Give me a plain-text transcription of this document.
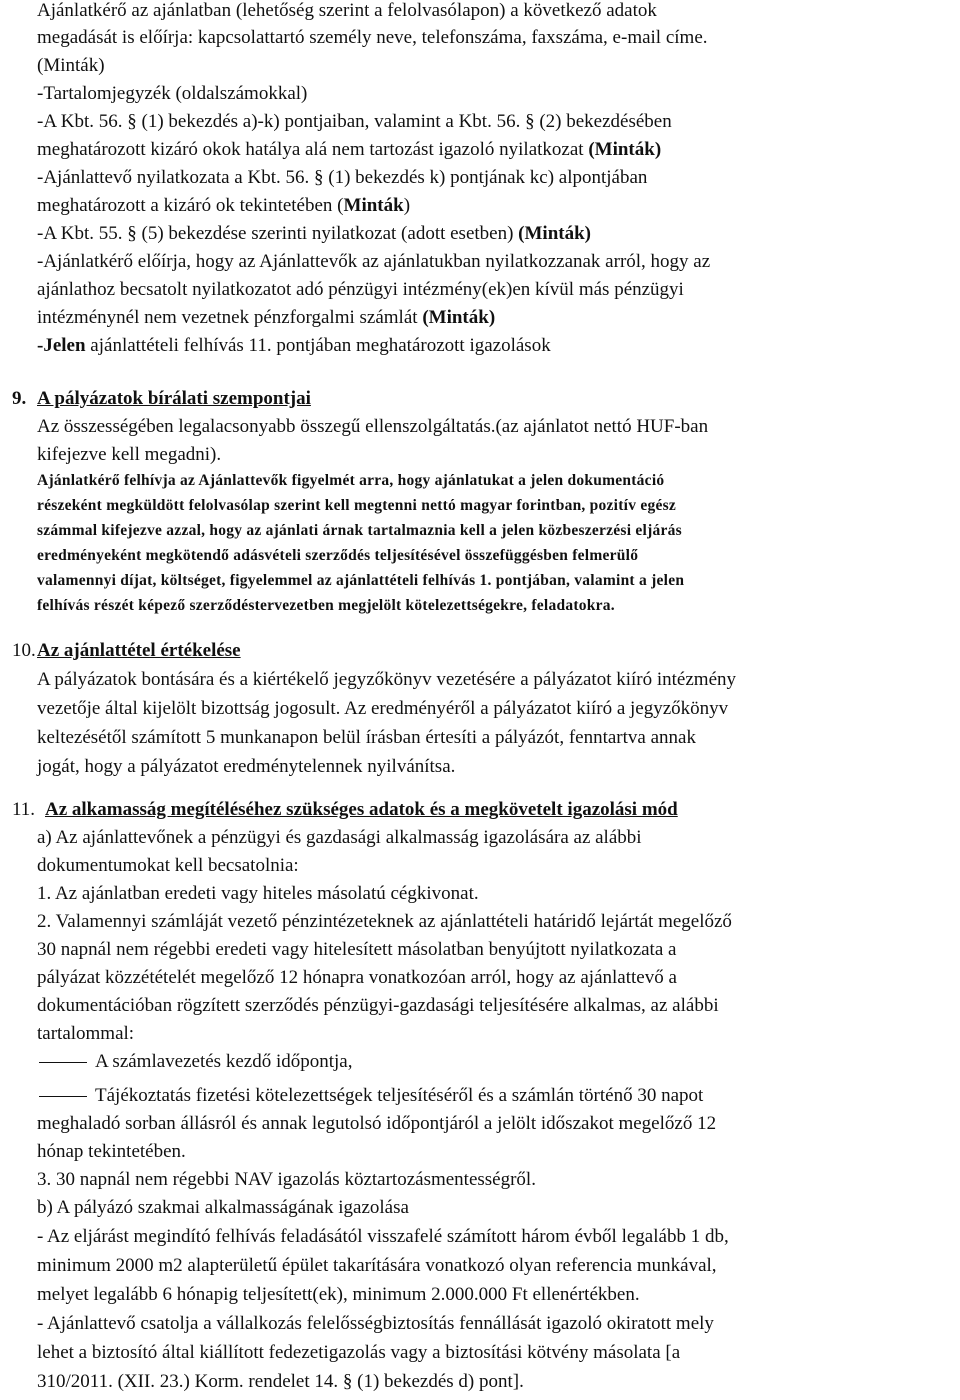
Ajánlatkérő az ajánlatban (lehetőség szerint a felolvasólapon) a következő adatok
megadását is előírja: kapcsolattartó személy neve, telefonszáma, faxszáma, e-mail címe.
(Minták)
-Tartalomjegyzék (oldalszámokkal)
-A Kbt. 56. § (1) bekezdés a)-k) pontjaiban, valamint a Kbt. 56. § (2) bekezdésében
meghatározott kizáró okok hatálya alá nem tartozást igazoló nyilatkozat (Minták)
-Ajánlattevő nyilatkozata a Kbt. 56. § (1) bekezdés k) pontjának kc) alpontjában
meghatározott a kizáró ok tekintetében (Minták)
-A Kbt. 55. § (5) bekezdése szerinti nyilatkozat (adott esetben) (Minták)
-Ajánlatkérő előírja, hogy az Ajánlattevők az ajánlatukban nyilatkozzanak arról, hogy az
ajánlathoz becsatolt nyilatkozatot adó pénzügyi intézmény(ek)en kívül más pénzügyi
intézménynél nem vezetnek pénzforgalmi számlát (Minták)
-Jelen ajánlattételi felhívás 11. pontjában meghatározott igazolások
9. A pályázatok bírálati szempontjai
Az összességében legalacsonyabb összegű ellenszolgáltatás.(az ajánlatot nettó HUF-ban
kifejezve kell megadni).
Ajánlatkérő felhívja az Ajánlattevők figyelmét arra, hogy ajánlatukat a jelen dokumentáció
részeként megküldött felolvasólap szerint kell megtenni nettó magyar forintban, pozitív egész
számmal kifejezve azzal, hogy az ajánlati árnak tartalmaznia kell a jelen közbeszerzési eljárás
eredményeként megkötendő adásvételi szerződés teljesítésével összefüggésben felmerülő
valamennyi díjat, költséget, figyelemmel az ajánlattételi felhívás 1. pontjában, valamint a jelen
felhívás részét képező szerződéstervezetben megjelölt kötelezettségekre, feladatokra.
10. Az ajánlattétel értékelése
A pályázatok bontására és a kiértékelő jegyzőkönyv vezetésére a pályázatot kiíró intézmény
vezetője által kijelölt bizottság jogosult. Az eredményéről a pályázatot kiíró a jegyzőkönyv
keltezésétől számított 5 munkanapon belül írásban értesíti a pályázót, fenntartva annak
jogát, hogy a pályázatot eredménytelennek nyilvánítsa.
11. Az alkamasság megítéléséhez szükséges adatok és a megkövetelt igazolási mód
a) Az ajánlattevőnek a pénzügyi és gazdasági alkalmasság igazolására az alábbi
dokumentumokat kell becsatolnia:
1. Az ajánlatban eredeti vagy hiteles másolatú cégkivonat.
2. Valamennyi számláját vezető pénzintézeteknek az ajánlattételi határidő lejártát megelőző
30 napnál nem régebbi eredeti vagy hitelesített másolatban benyújtott nyilatkozata a
pályázat közzétételét megelőző 12 hónapra vonatkozóan arról, hogy az ajánlattevő a
dokumentációban rögzített szerződés pénzügyi-gazdasági teljesítésére alkalmas, az alábbi
tartalommal:
A számlavezetés kezdő időpontja,
Tájékoztatás fizetési kötelezettségek teljesítéséről és a számlán történő 30 napot
meghaladó sorban állásról és annak legutolsó időpontjáról a jelölt időszakot megelőző 12
hónap tekintetében.
3. 30 napnál nem régebbi NAV igazolás köztartozásmentességről.
b) A pályázó szakmai alkalmasságának igazolása
- Az eljárást megindító felhívás feladásától visszafelé számított három évből legalább 1 db,
minimum 2000 m2 alapterületű épület takarítására vonatkozó olyan referencia munkával,
melyet legalább 6 hónapig teljesített(ek), minimum 2.000.000 Ft ellenértékben.
- Ajánlattevő csatolja a vállalkozás felelősségbiztosítás fennállását igazoló okiratott mely
lehet a biztosító által kiállított fedezetigazolás vagy a biztosítási kötvény másolata [a
310/2011. (XII. 23.) Korm. rendelet 14. § (1) bekezdés d) pont].
